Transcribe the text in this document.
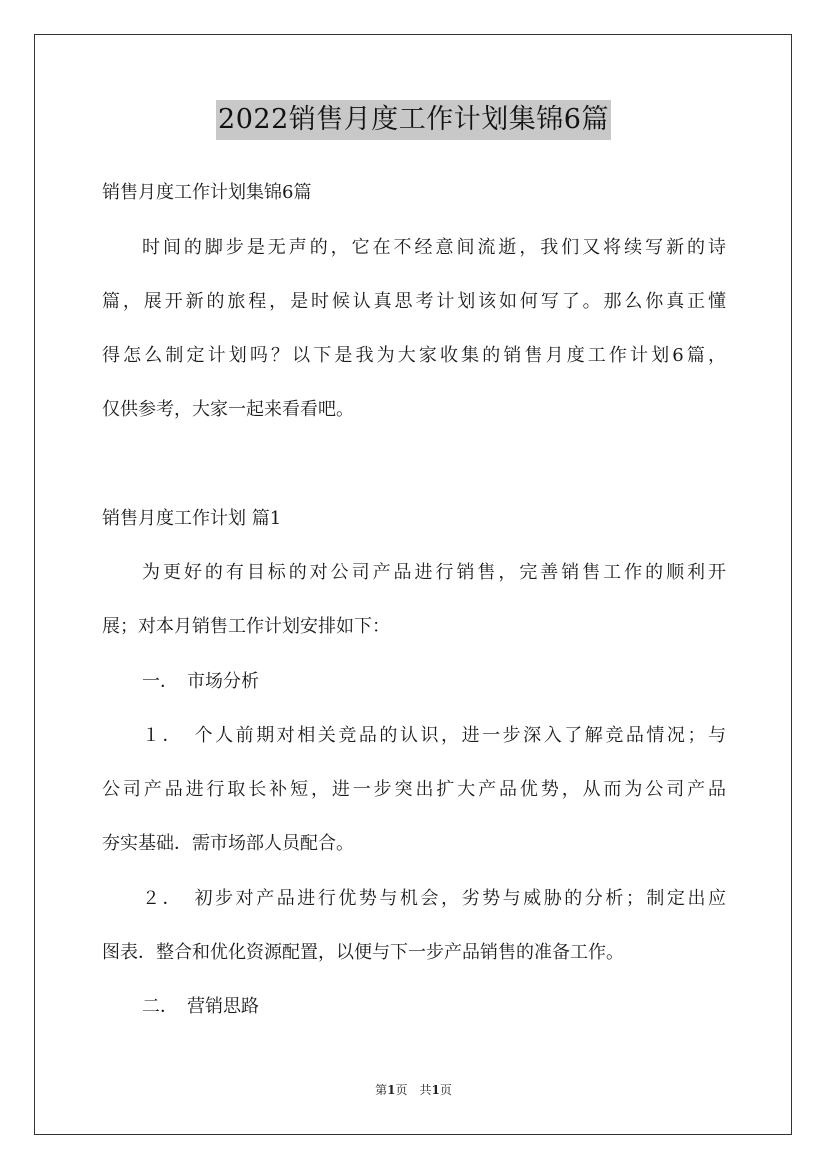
2022销售月度工作计划集锦6篇
销售月度工作计划集锦6篇
时间的脚步是无声的，它在不经意间流逝，我们又将续写新的诗
篇，展开新的旅程，是时候认真思考计划该如何写了。那么你真正懂
得怎么制定计划吗？以下是我为大家收集的销售月度工作计划6篇，
仅供参考，大家一起来看看吧。
销售月度工作计划 篇1
为更好的有目标的对公司产品进行销售，完善销售工作的顺利开
展；对本月销售工作计划安排如下：
一．　市场分析
１．　个人前期对相关竞品的认识，进一步深入了解竞品情况；与
公司产品进行取长补短，进一步突出扩大产品优势，从而为公司产品
夯实基础．需市场部人员配合。
２．　初步对产品进行优势与机会，劣势与威胁的分析；制定出应
图表．整合和优化资源配置，以便与下一步产品销售的准备工作。
二．　营销思路
第1页　共1页
